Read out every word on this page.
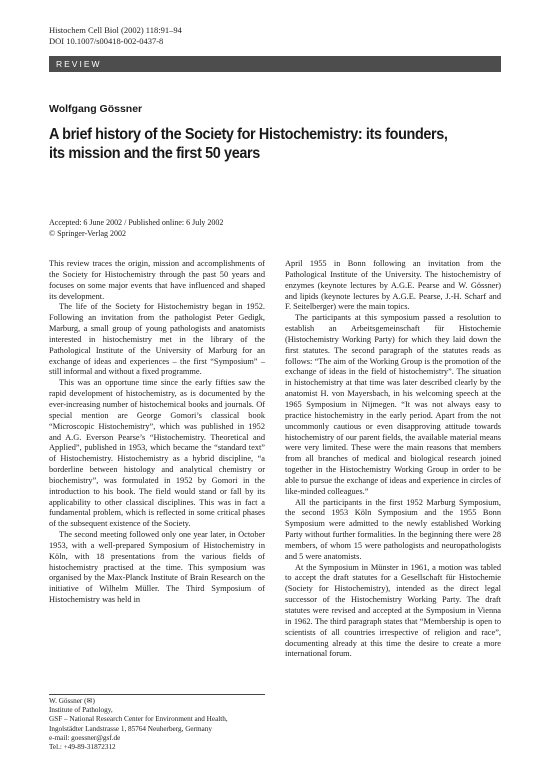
Histochem Cell Biol (2002) 118:91–94
DOI 10.1007/s00418-002-0437-8
REVIEW
Wolfgang Gössner
A brief history of the Society for Histochemistry: its founders,
its mission and the first 50 years
Accepted: 6 June 2002 / Published online: 6 July 2002
© Springer-Verlag 2002

This review traces the origin, mission and accomplishments of the Society for Histochemistry through the past 50 years and focuses on some major events that have influenced and shaped its development.

The life of the Society for Histochemistry began in 1952. Following an invitation from the pathologist Peter Gedigk, Marburg, a small group of young pathologists and anatomists interested in histochemistry met in the library of the Pathological Institute of the University of Marburg for an exchange of ideas and experiences – the first “Symposium” – still informal and without a fixed programme.

This was an opportune time since the early fifties saw the rapid development of histochemistry, as is documented by the ever-increasing number of histochemical books and journals. Of special mention are George Gomori’s classical book “Microscopic Histochemistry”, which was published in 1952 and A.G. Everson Pearse’s “Histochemistry. Theoretical and Applied”, published in 1953, which became the “standard text” of Histochemistry. Histochemistry as a hybrid discipline, “a borderline between histology and analytical chemistry or biochemistry”, was formulated in 1952 by Gomori in the introduction to his book. The field would stand or fall by its applicability to other classical disciplines. This was in fact a fundamental problem, which is reflected in some critical phases of the subsequent existence of the Society.

The second meeting followed only one year later, in October 1953, with a well-prepared Symposium of Histochemistry in Köln, with 18 presentations from the various fields of histochemistry practised at the time. This symposium was organised by the Max-Planck Institute of Brain Research on the initiative of Wilhelm Müller. The Third Symposium of Histochemistry was held in

April 1955 in Bonn following an invitation from the Pathological Institute of the University. The histochemistry of enzymes (keynote lectures by A.G.E. Pearse and W. Gössner) and lipids (keynote lectures by A.G.E. Pearse, J.-H. Scharf and F. Seitelberger) were the main topics.

The participants at this symposium passed a resolution to establish an Arbeitsgemeinschaft für Histochemie (Histochemistry Working Party) for which they laid down the first statutes. The second paragraph of the statutes reads as follows: “The aim of the Working Group is the promotion of the exchange of ideas in the field of histochemistry”. The situation in histochemistry at that time was later described clearly by the anatomist H. von Mayersbach, in his welcoming speech at the 1965 Symposium in Nijmegen. “It was not always easy to practice histochemistry in the early period. Apart from the not uncommonly cautious or even disapproving attitude towards histochemistry of our parent fields, the available material means were very limited. These were the main reasons that members from all branches of medical and biological research joined together in the Histochemistry Working Group in order to be able to pursue the exchange of ideas and experience in circles of like-minded colleagues.”

All the participants in the first 1952 Marburg Symposium, the second 1953 Köln Symposium and the 1955 Bonn Symposium were admitted to the newly established Working Party without further formalities. In the beginning there were 28 members, of whom 15 were pathologists and neuropathologists and 5 were anatomists.

At the Symposium in Münster in 1961, a motion was tabled to accept the draft statutes for a Gesellschaft für Histochemie (Society for Histochemistry), intended as the direct legal successor of the Histochemistry Working Party. The draft statutes were revised and accepted at the Symposium in Vienna in 1962. The third paragraph states that “Membership is open to scientists of all countries irrespective of religion and race”, documenting already at this time the desire to create a more international forum.

W. Gössner (✉)
Institute of Pathology,
GSF – National Research Center for Environment and Health,
Ingolstädter Landstrasse 1, 85764 Neuherberg, Germany
e-mail: goessner@gsf.de
Tel.: +49-89-31872312
